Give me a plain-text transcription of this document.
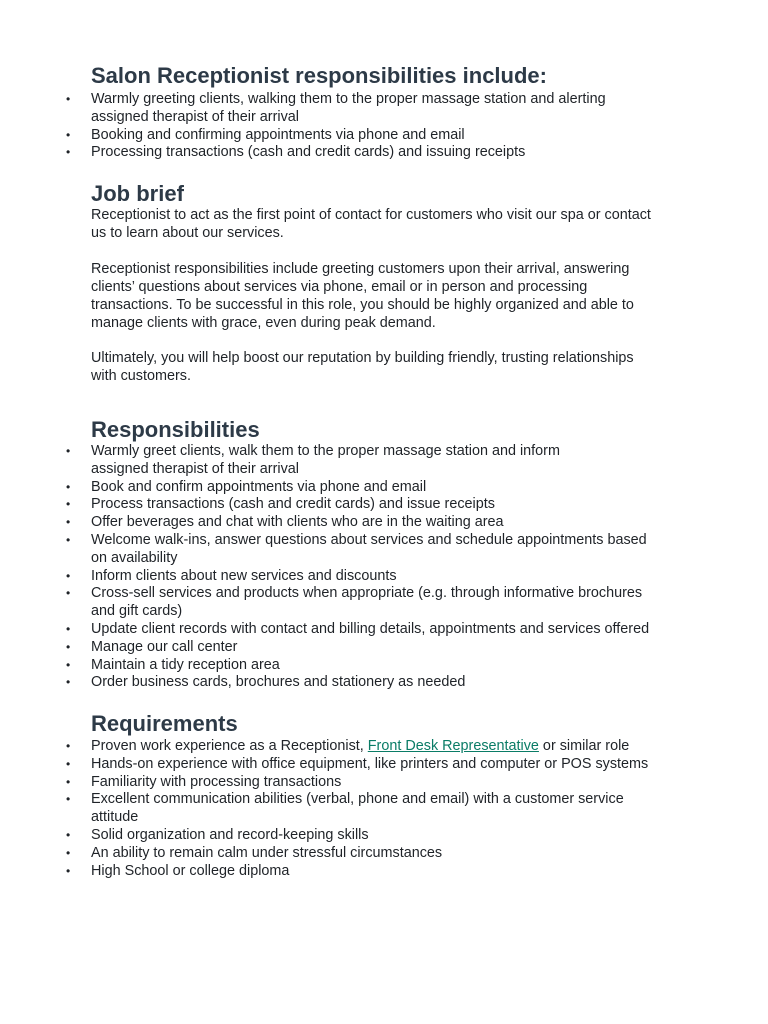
Salon Receptionist responsibilities include:
• Warmly greeting clients, walking them to the proper massage station and alerting
assigned therapist of their arrival
• Booking and confirming appointments via phone and email
• Processing transactions (cash and credit cards) and issuing receipts
Job brief

Receptionist to act as the first point of contact for customers who visit our spa or contact
us to learn about our services.

Receptionist responsibilities include greeting customers upon their arrival, answering
clients’ questions about services via phone, email or in person and processing
transactions. To be successful in this role, you should be highly organized and able to
manage clients with grace, even during peak demand.

Ultimately, you will help boost our reputation by building friendly, trusting relationships
with customers.

Responsibilities
• Warmly greet clients, walk them to the proper massage station and inform
assigned therapist of their arrival
• Book and confirm appointments via phone and email
• Process transactions (cash and credit cards) and issue receipts
• Offer beverages and chat with clients who are in the waiting area
• Welcome walk-ins, answer questions about services and schedule appointments based
on availability
• Inform clients about new services and discounts
• Cross-sell services and products when appropriate (e.g. through informative brochures
and gift cards)
• Update client records with contact and billing details, appointments and services offered
• Manage our call center
• Maintain a tidy reception area
• Order business cards, brochures and stationery as needed
Requirements
• Proven work experience as a Receptionist, Front Desk Representative or similar role
• Hands-on experience with office equipment, like printers and computer or POS systems
• Familiarity with processing transactions
• Excellent communication abilities (verbal, phone and email) with a customer service
attitude
• Solid organization and record-keeping skills
• An ability to remain calm under stressful circumstances
• High School or college diploma
